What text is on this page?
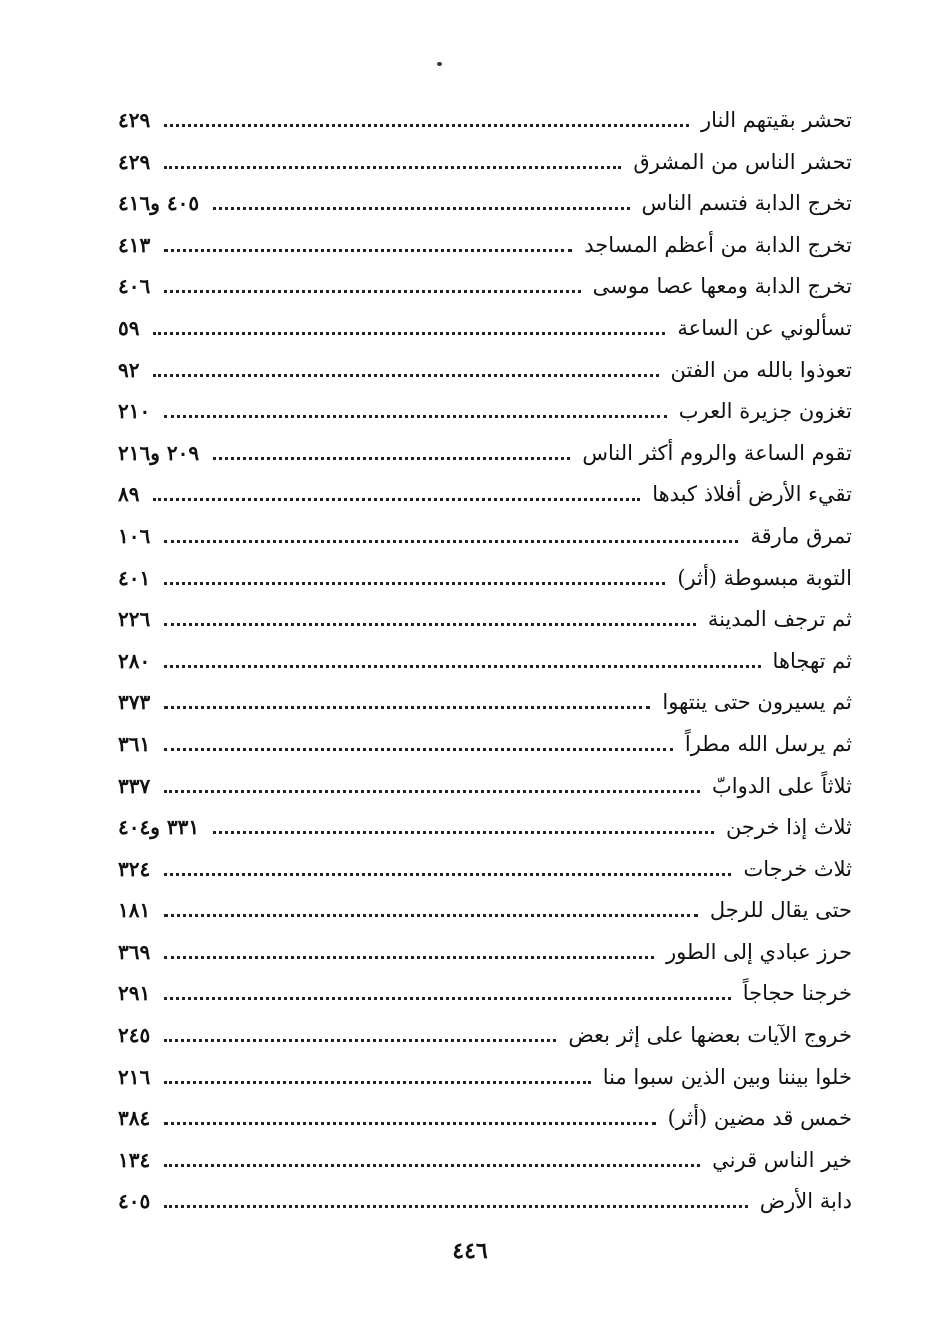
تحشر بقيتهم النار
٤٢٩
تحشر الناس من المشرق
٤٢٩
تخرج الدابة فتسم الناس
٤٠٥ و٤١٦
تخرج الدابة من أعظم المساجد
٤١٣
تخرج الدابة ومعها عصا موسى
٤٠٦
تسألوني عن الساعة
٥٩
تعوذوا بالله من الفتن
٩٢
تغزون جزيرة العرب
٢١٠
تقوم الساعة والروم أكثر الناس
٢٠٩ و٢١٦
تقيء الأرض أفلاذ كبدها
٨٩
تمرق مارقة
١٠٦
التوبة مبسوطة (أثر)
٤٠١
ثم ترجف المدينة
٢٢٦
ثم تهجاها
٢٨٠
ثم يسيرون حتى ينتهوا
٣٧٣
ثم يرسل الله مطراً
٣٦١
ثلاثاً على الدوابّ
٣٣٧
ثلاث إذا خرجن
٣٣١ و٤٠٤
ثلاث خرجات
٣٢٤
حتى يقال للرجل
١٨١
حرز عبادي إلى الطور
٣٦٩
خرجنا حجاجاً
٢٩١
خروج الآيات بعضها على إثر بعض
٢٤٥
خلوا بيننا وبين الذين سبوا منا
٢١٦
خمس قد مضين (أثر)
٣٨٤
خير الناس قرني
١٣٤
دابة الأرض
٤٠٥
٤٤٦
